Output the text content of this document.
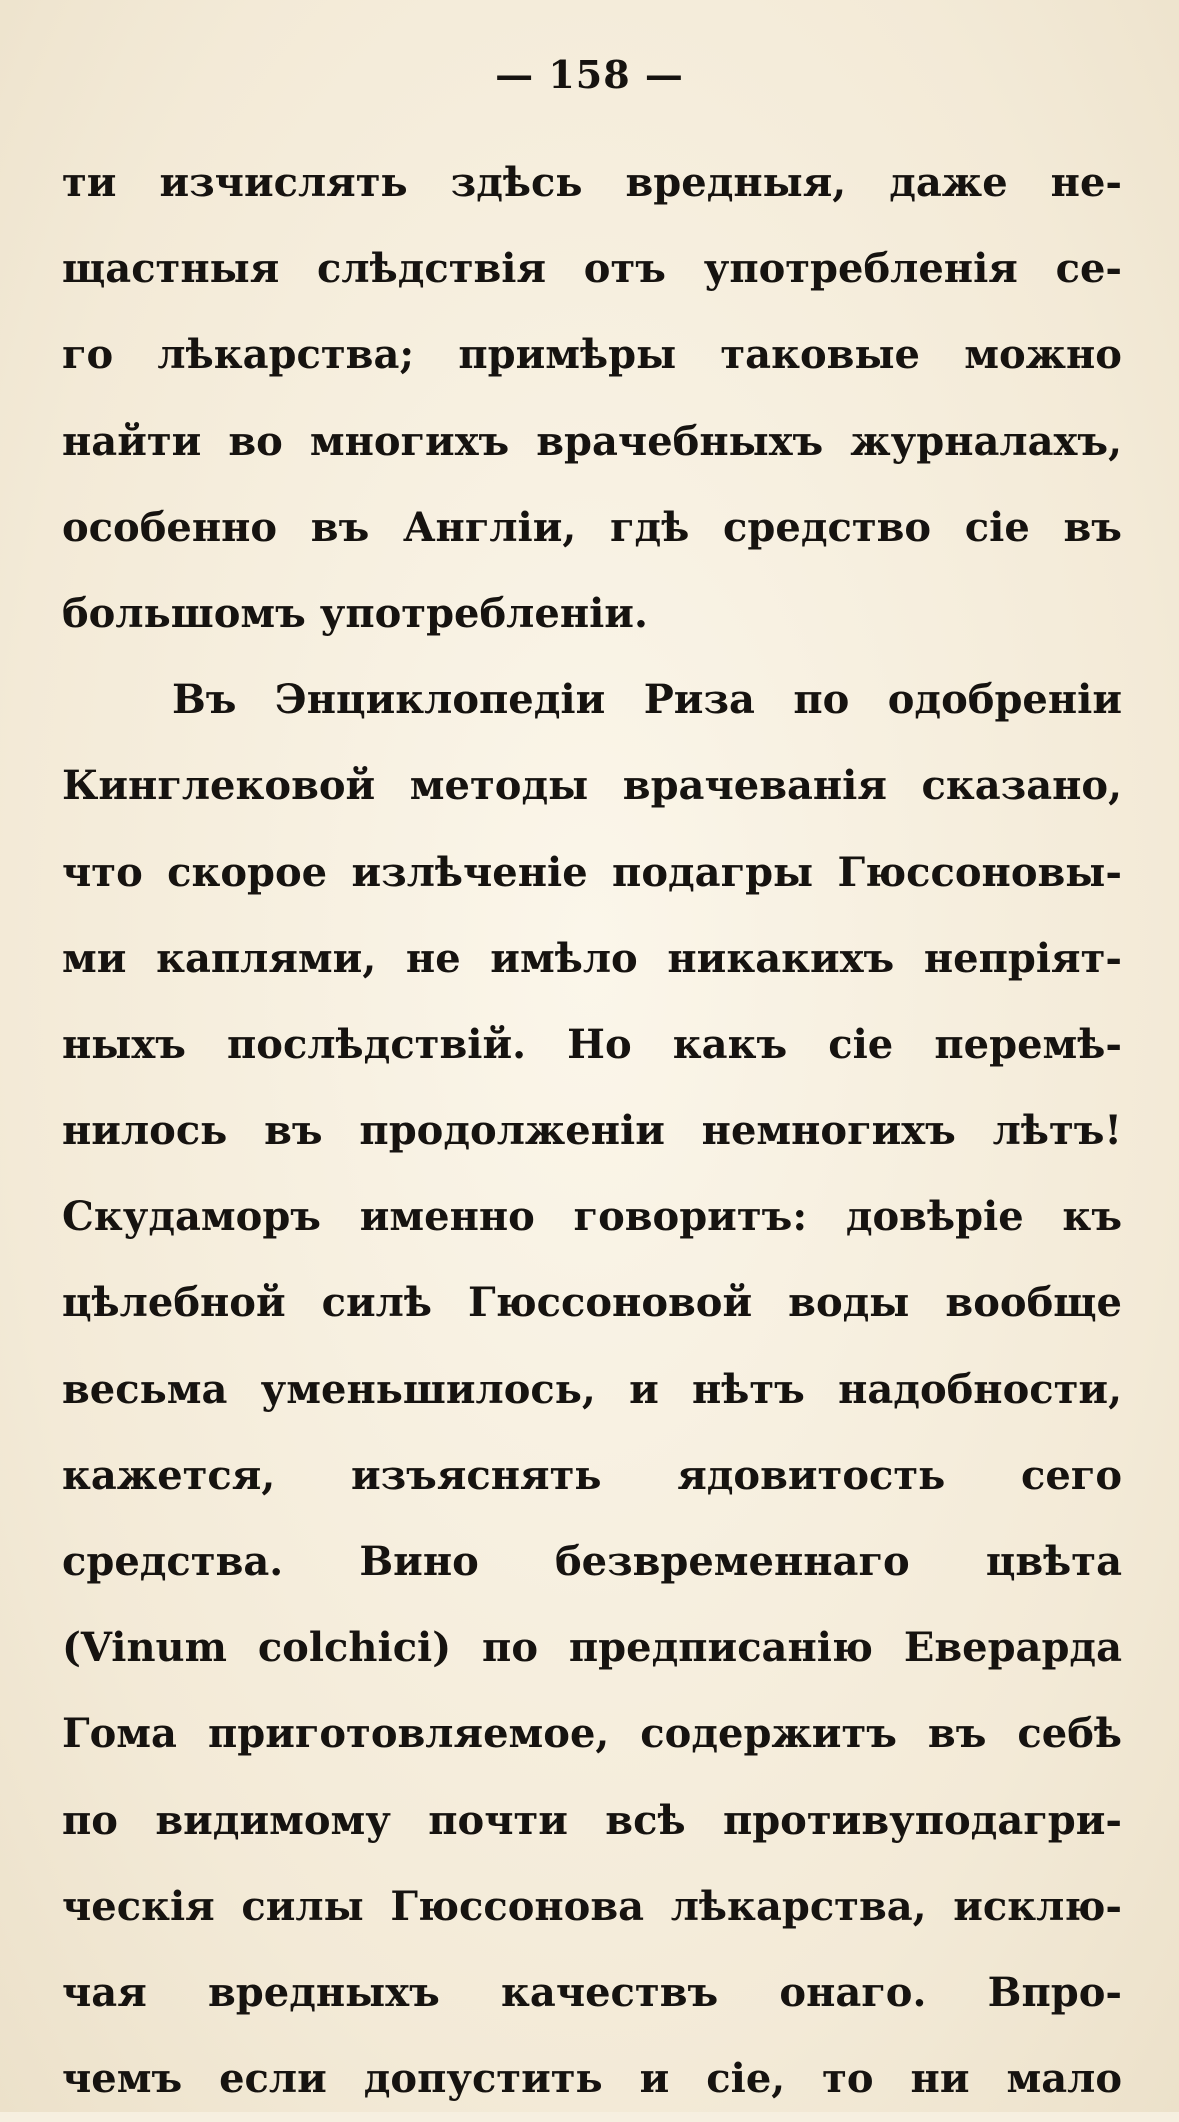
— 158 —
ти изчислять здѣсь вредныя, даже не-
щастныя слѣдствія отъ употребленія се-
го лѣкарства; примѣры таковые можно
найти во многихъ врачебныхъ журналахъ,
особенно въ Англіи, гдѣ средство сіе въ
большомъ употребленіи.
Въ Энциклопедіи Риза по одобреніи
Кинглековой методы врачеванія сказано,
что скорое излѣченіе подагры Гюссоновы-
ми каплями, не имѣло никакихъ непріят-
ныхъ послѣдствій. Но какъ сіе перемѣ-
нилось въ продолженіи немногихъ лѣтъ!
Скудаморъ именно говоритъ: довѣріе къ
цѣлебной силѣ Гюссоновой воды вообще
весьма уменьшилось, и нѣтъ надобности,
кажется, изъяснять ядовитость сего
средства. Вино безвременнаго цвѣта
(Vinum colchici) по предписанію Еверарда
Гома приготовляемое, содержитъ въ себѣ
по видимому почти всѣ противуподагри-
ческія силы Гюссонова лѣкарства, исклю-
чая вредныхъ качествъ онаго. Впро-
чемъ если допустить и сіе, то ни мало
